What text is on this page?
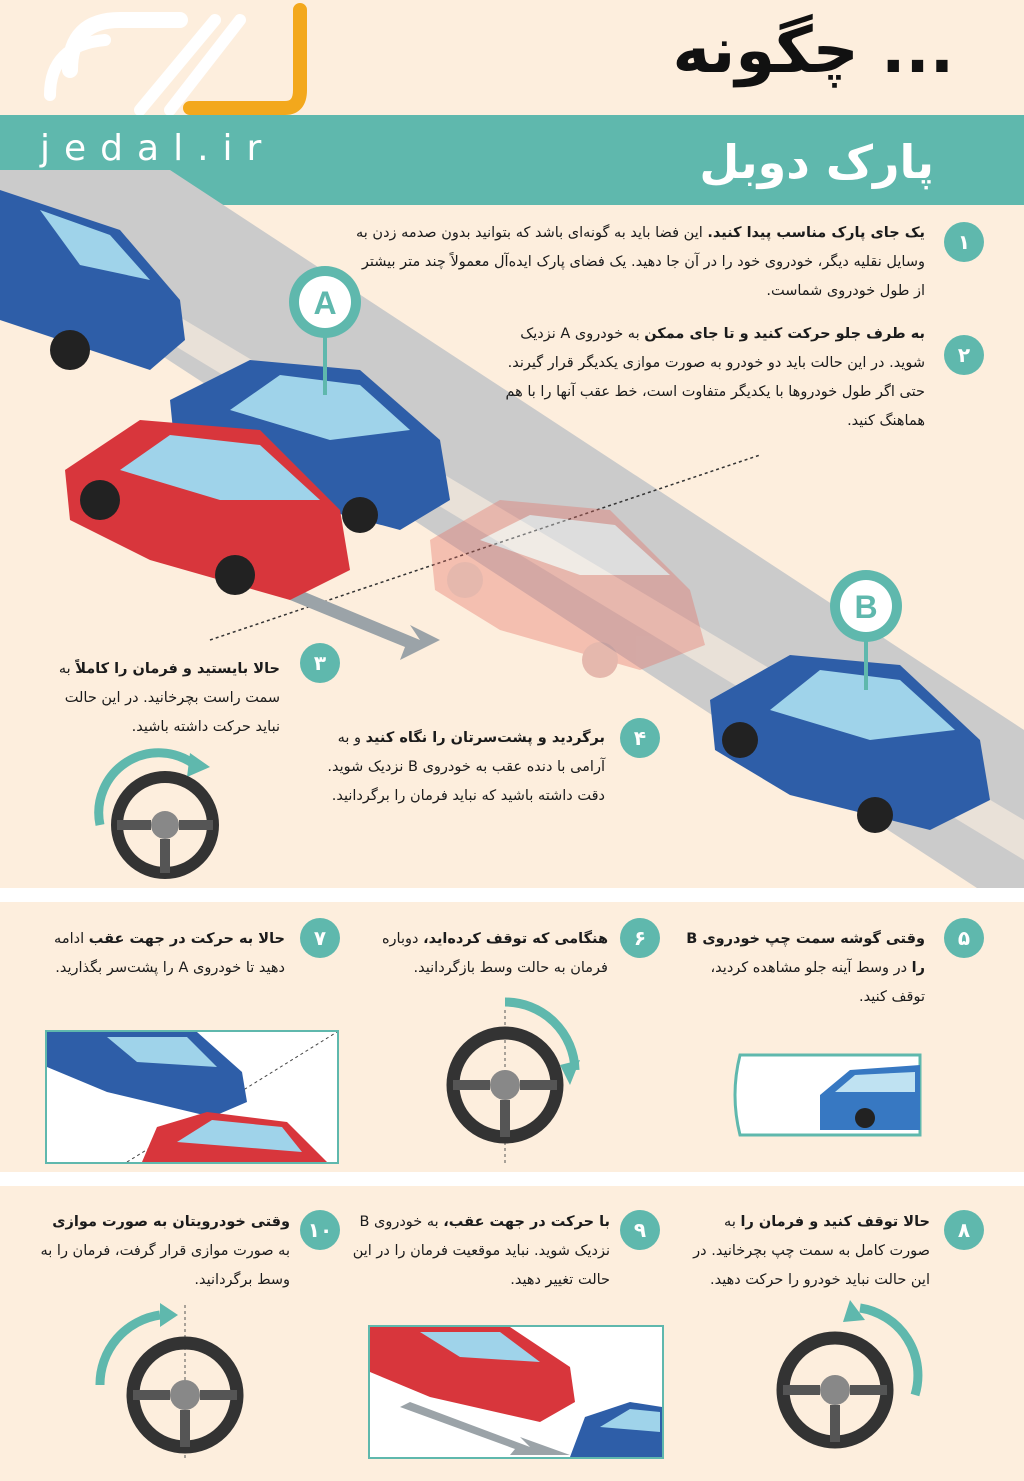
چگونه ...
jedal.ir	پارک دوبل
A
B
۱
یک جای پارک مناسب پیدا کنید. این فضا باید به گونه‌ای باشد که بتوانید بدون صدمه زدن به وسایل نقلیه دیگر، خودروی خود را در آن جا دهید. یک فضای پارک ایده‌آل معمولاً چند متر بیشتر از طول خودروی شماست.
۲
به طرف جلو حرکت کنید و تا جای ممکن به خودروی A نزدیک شوید. در این حالت باید دو خودرو به صورت موازی یکدیگر قرار گیرند. حتی اگر طول خودروها با یکدیگر متفاوت است، خط عقب آنها را با هم هماهنگ کنید.
۳
حالا بایستید و فرمان را کاملاً به سمت راست بچرخانید. در این حالت نباید حرکت داشته باشید.	۴
برگردید و پشت‌سرتان را نگاه کنید و به آرامی با دنده عقب به خودروی B نزدیک شوید. دقت داشته باشید که نباید فرمان را برگردانید.
۵
وقتی گوشه سمت چپ خودروی B را در وسط آینه جلو مشاهده کردید، توقف کنید.
۶
هنگامی که توقف کرده‌اید، دوباره فرمان به حالت وسط بازگردانید.
۷
حالا به حرکت در جهت عقب ادامه دهید تا خودروی A را پشت‌سر بگذارید.
۸
حالا توقف کنید و فرمان را به صورت کامل به سمت چپ بچرخانید. در این حالت نباید خودرو را حرکت دهید.
۹
با حرکت در جهت عقب، به خودروی B نزدیک شوید. نباید موقعیت فرمان را در این حالت تغییر دهید.
۱۰
وقتی خودرویتان به صورت موازی به صورت موازی قرار گرفت، فرمان را به وسط برگردانید.
